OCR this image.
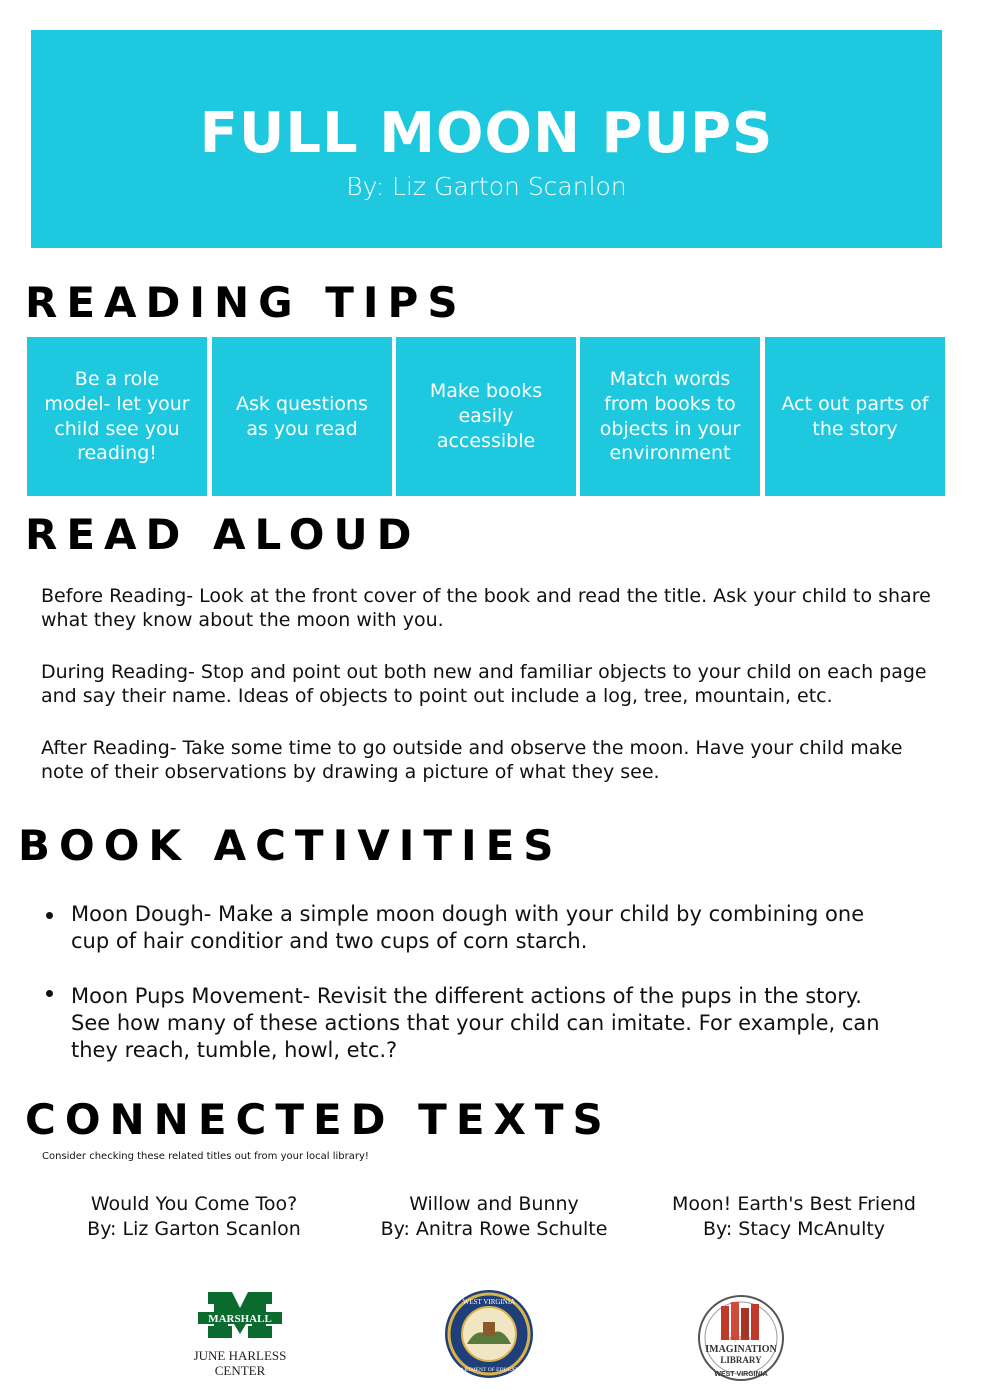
FULL MOON PUPS
By: Liz Garton Scanlon
READING TIPS
Be a role model- let your child see you reading!
Ask questions as you read
Make books easily accessible
Match words from books to objects in your environment
Act out parts of the story
READ ALOUD
Before Reading- Look at the front cover of the book and read the title. Ask your child to share what they know about the moon with you.
During Reading- Stop and point out both new and familiar objects to your child on each page and say their name. Ideas of objects to point out include a log, tree, mountain, etc.
After Reading- Take some time to go outside and observe the moon. Have your child make note of their observations by drawing a picture of what they see.
BOOK ACTIVITIES
Moon Dough- Make a simple moon dough with your child by combining one cup of hair conditior and two cups of corn starch.
Moon Pups Movement- Revisit the different actions of the pups in the story. See how many of these actions that your child can imitate. For example, can they reach, tumble, howl, etc.?
CONNECTED TEXTS
Consider checking these related titles out from your local library!
Would You Come Too?
By: Liz Garton Scanlon
Willow and Bunny
By: Anitra Rowe Schulte
Moon! Earth's Best Friend
By: Stacy McAnulty
MARSHALL
JUNE HARLESS
CENTER
WEST VIRGINIA
DEPARTMENT OF EDUCATION
Dolly Parton's
IMAGINATION
LIBRARY
WEST VIRGINIA
